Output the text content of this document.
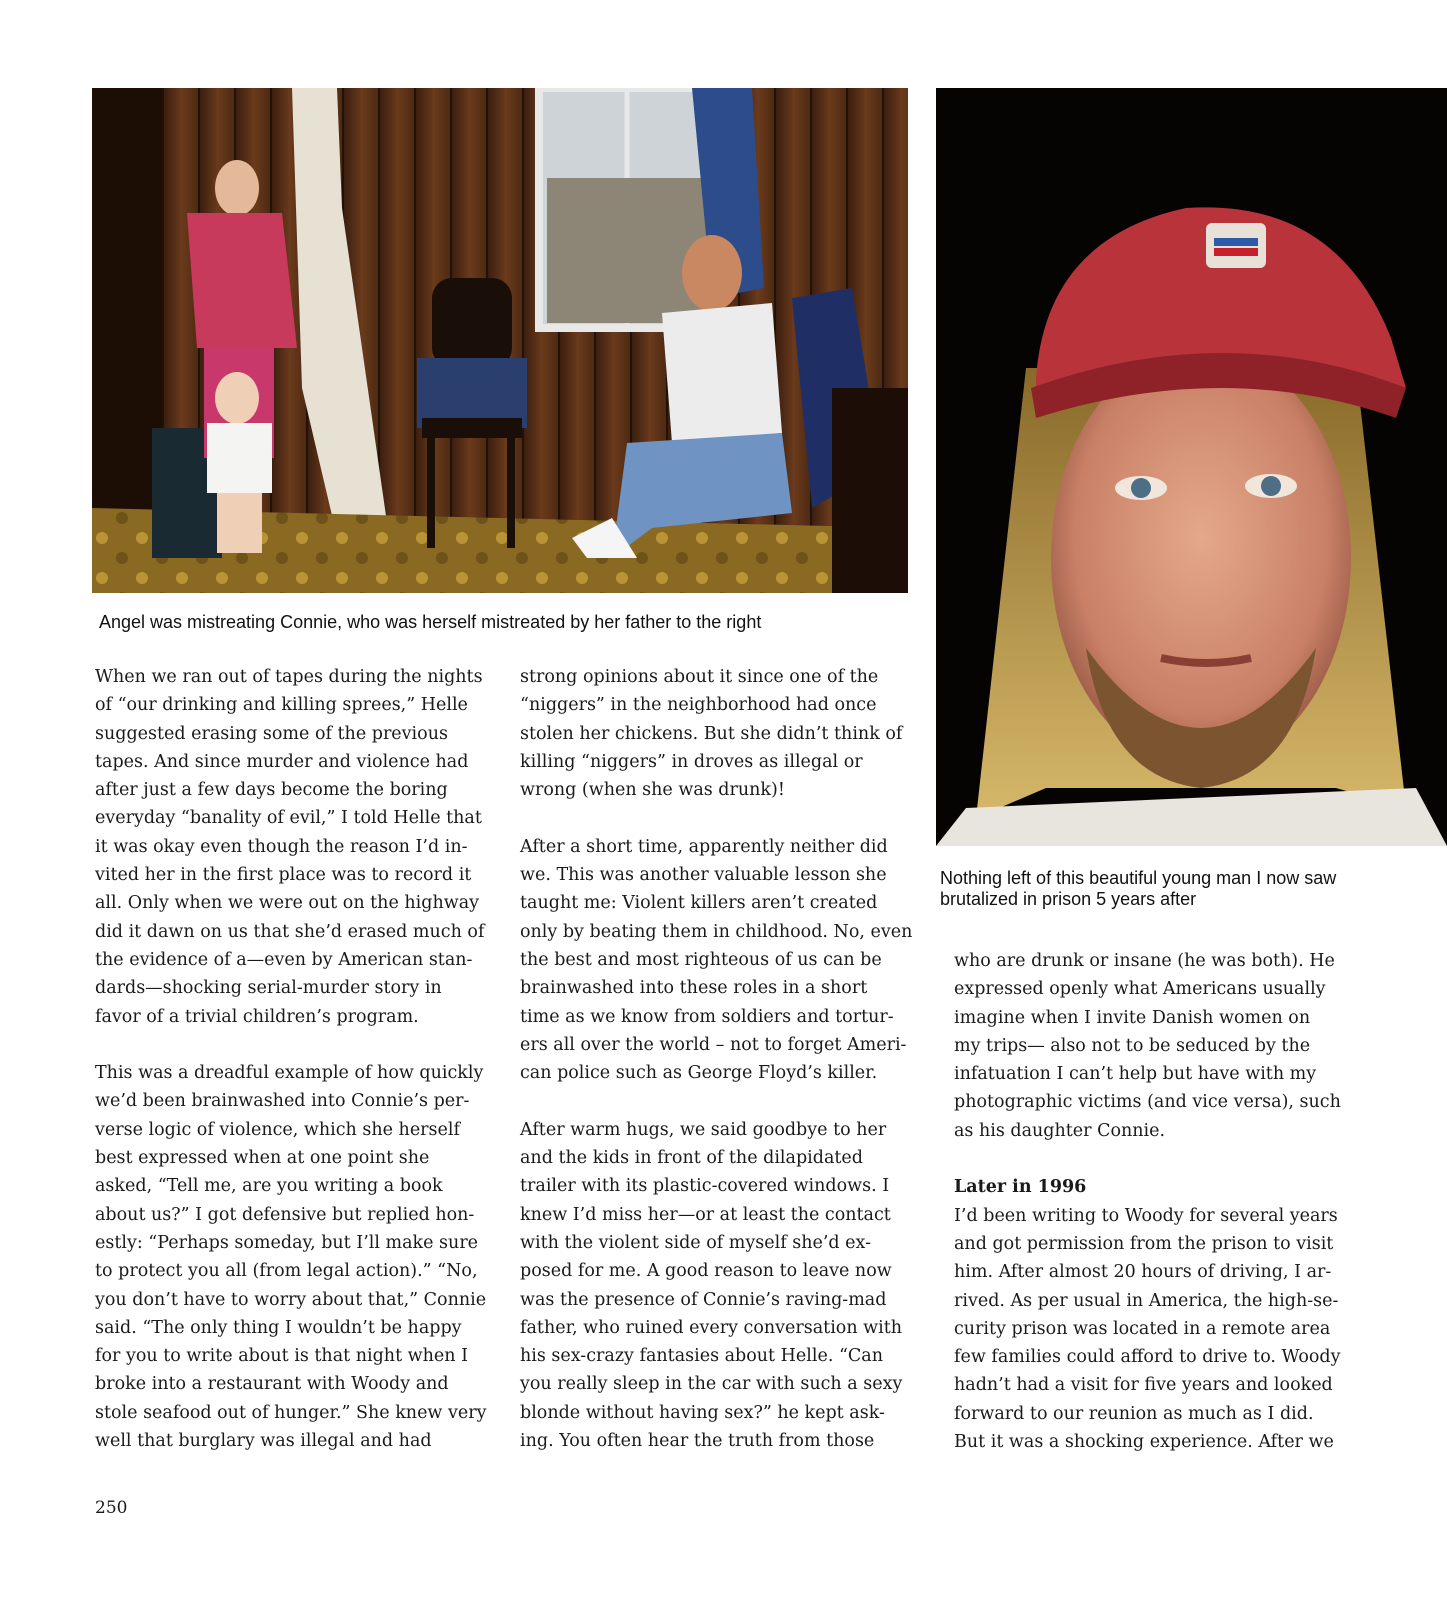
Angel was mistreating Connie, who was herself mistreated by her father to the right
Nothing left of this beautiful young man I now saw
brutalized in prison 5 years after

When we ran out of tapes during the nights
of “our drinking and killing sprees,” Helle
suggested erasing some of the previous
tapes. And since murder and violence had
after just a few days become the boring
everyday “banality of evil,” I told Helle that
it was okay even though the reason I’d in-
vited her in the first place was to record it
all. Only when we were out on the highway
did it dawn on us that she’d erased much of
the evidence of a—even by American stan-
dards—shocking serial-murder story in
favor of a trivial children’s program.

This was a dreadful example of how quickly
we’d been brainwashed into Connie’s per-
verse logic of violence, which she herself
best expressed when at one point she
asked, “Tell me, are you writing a book
about us?” I got defensive but replied hon-
estly: “Perhaps someday, but I’ll make sure
to protect you all (from legal action).” “No,
you don’t have to worry about that,” Connie
said. “The only thing I wouldn’t be happy
for you to write about is that night when I
broke into a restaurant with Woody and
stole seafood out of hunger.” She knew very
well that burglary was illegal and had

strong opinions about it since one of the
“niggers” in the neighborhood had once
stolen her chickens. But she didn’t think of
killing “niggers” in droves as illegal or
wrong (when she was drunk)!

After a short time, apparently neither did
we. This was another valuable lesson she
taught me: Violent killers aren’t created
only by beating them in childhood. No, even
the best and most righteous of us can be
brainwashed into these roles in a short
time as we know from soldiers and tortur-
ers all over the world – not to forget Ameri-
can police such as George Floyd’s killer.

After warm hugs, we said goodbye to her
and the kids in front of the dilapidated
trailer with its plastic-covered windows. I
knew I’d miss her—or at least the contact
with the violent side of myself she’d ex-
posed for me. A good reason to leave now
was the presence of Connie’s raving-mad
father, who ruined every conversation with
his sex-crazy fantasies about Helle. “Can
you really sleep in the car with such a sexy
blonde without having sex?” he kept ask-
ing. You often hear the truth from those

who are drunk or insane (he was both). He
expressed openly what Americans usually
imagine when I invite Danish women on
my trips— also not to be seduced by the
infatuation I can’t help but have with my
photographic victims (and vice versa), such
as his daughter Connie.

Later in 1996
I’d been writing to Woody for several years
and got permission from the prison to visit
him. After almost 20 hours of driving, I ar-
rived. As per usual in America, the high-se-
curity prison was located in a remote area
few families could afford to drive to. Woody
hadn’t had a visit for five years and looked
forward to our reunion as much as I did.
But it was a shocking experience. After we

250
